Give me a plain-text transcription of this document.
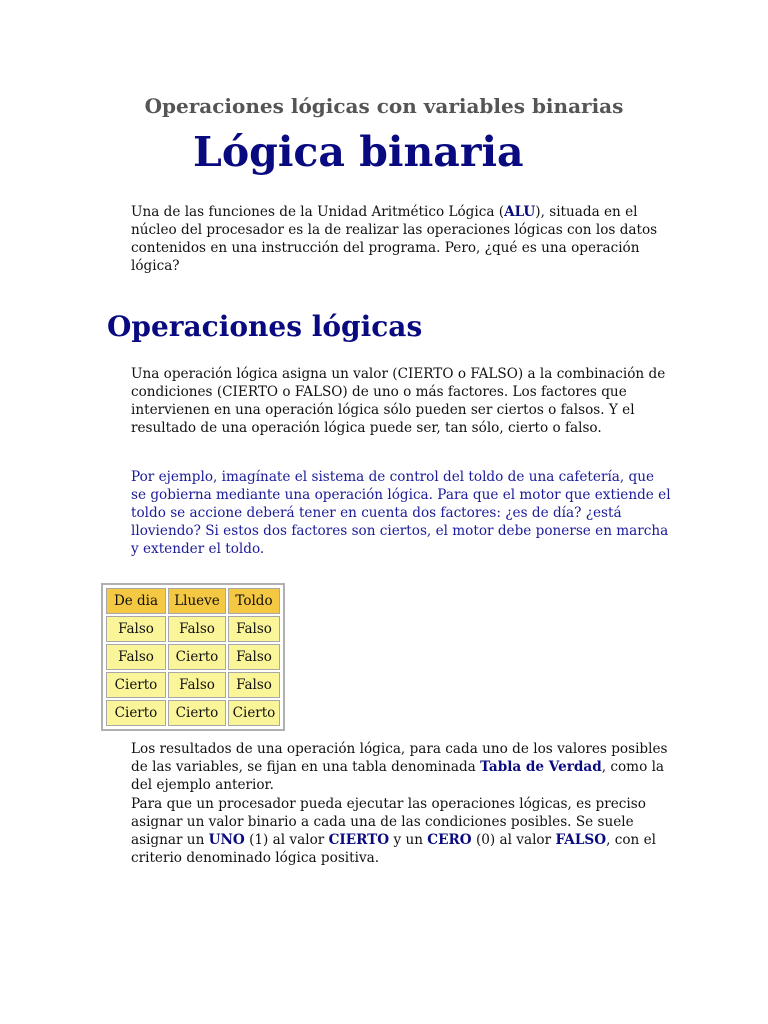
Operaciones lógicas con variables binarias
Lógica binaria

Una de las funciones de la Unidad Aritmético Lógica (ALU), situada en el núcleo del procesador es la de realizar las operaciones lógicas con los datos contenidos en una instrucción del programa. Pero, ¿qué es una operación lógica?

Operaciones lógicas

Una operación lógica asigna un valor (CIERTO o FALSO) a la combinación de condiciones (CIERTO o FALSO) de uno o más factores. Los factores que intervienen en una operación lógica sólo pueden ser ciertos o falsos. Y el resultado de una operación lógica puede ser, tan sólo, cierto o falso.

Por ejemplo, imagínate el sistema de control del toldo de una cafetería, que se gobierna mediante una operación lógica. Para que el motor que extiende el toldo se accione deberá tener en cuenta dos factores: ¿es de día? ¿está lloviendo? Si estos dos factores son ciertos, el motor debe ponerse en marcha y extender el toldo.

De dia	Llueve	Toldo
Falso	Falso	Falso
Falso	Cierto	Falso
Cierto	Falso	Falso
Cierto	Cierto	Cierto

Los resultados de una operación lógica, para cada uno de los valores posibles de las variables, se fijan en una tabla denominada Tabla de Verdad, como la del ejemplo anterior.

Para que un procesador pueda ejecutar las operaciones lógicas, es preciso asignar un valor binario a cada una de las condiciones posibles. Se suele asignar un UNO (1) al valor CIERTO y un CERO (0) al valor FALSO, con el criterio denominado lógica positiva.
